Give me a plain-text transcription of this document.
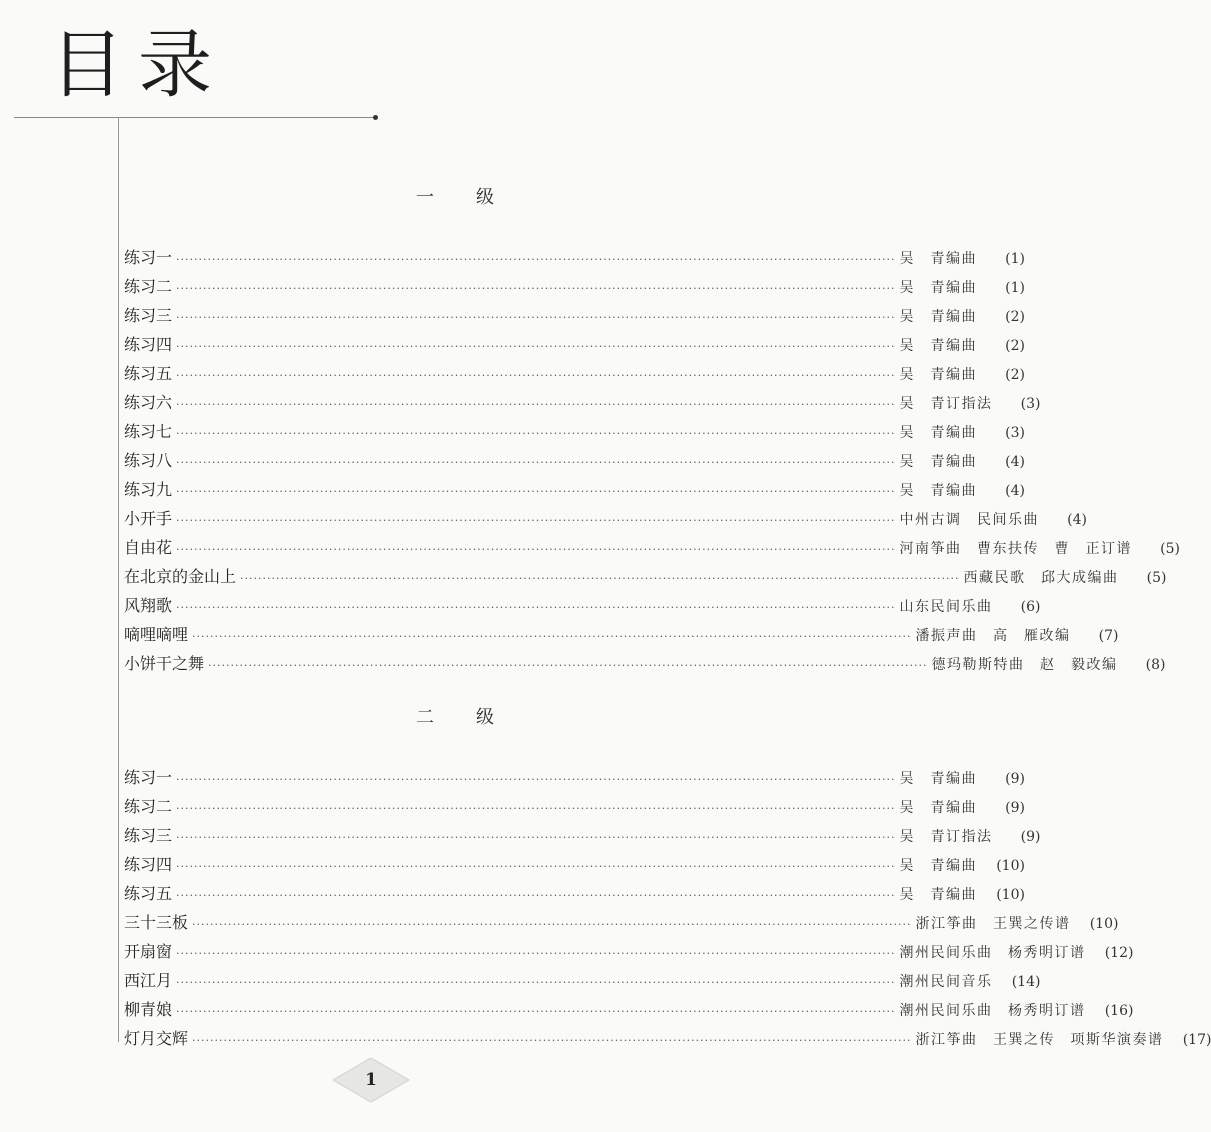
目录
一　　级
练习一 ································································································································································ 吴　青编曲	(1)
练习二 ································································································································································ 吴　青编曲	(1)
练习三 ································································································································································ 吴　青编曲	(2)
练习四 ································································································································································ 吴　青编曲	(2)
练习五 ································································································································································ 吴　青编曲	(2)
练习六 ································································································································································ 吴　青订指法	(3)
练习七 ································································································································································ 吴　青编曲	(3)
练习八 ································································································································································ 吴　青编曲	(4)
练习九 ································································································································································ 吴　青编曲	(4)
小开手 ································································································································································ 中州古调　民间乐曲	(4)
自由花 ································································································································································ 河南筝曲　曹东扶传　曹　正订谱	(5)
在北京的金山上 ································································································································································ 西藏民歌　邱大成编曲	(5)
风翔歌 ································································································································································ 山东民间乐曲	(6)
嘀哩嘀哩 ································································································································································ 潘振声曲　高　雁改编	(7)
小饼干之舞 ································································································································································ 德玛勒斯特曲　赵　毅改编	(8)
二　　级
练习一 ································································································································································ 吴　青编曲	(9)
练习二 ································································································································································ 吴　青编曲	(9)
练习三 ································································································································································ 吴　青订指法	(9)
练习四 ································································································································································ 吴　青编曲	(10)
练习五 ································································································································································ 吴　青编曲	(10)
三十三板 ································································································································································ 浙江筝曲　王巽之传谱	(10)
开扇窗 ································································································································································ 潮州民间乐曲　杨秀明订谱	(12)
西江月 ································································································································································ 潮州民间音乐	(14)
柳青娘 ································································································································································ 潮州民间乐曲　杨秀明订谱	(16)
灯月交辉 ································································································································································ 浙江筝曲　王巽之传　项斯华演奏谱	(17)
1
